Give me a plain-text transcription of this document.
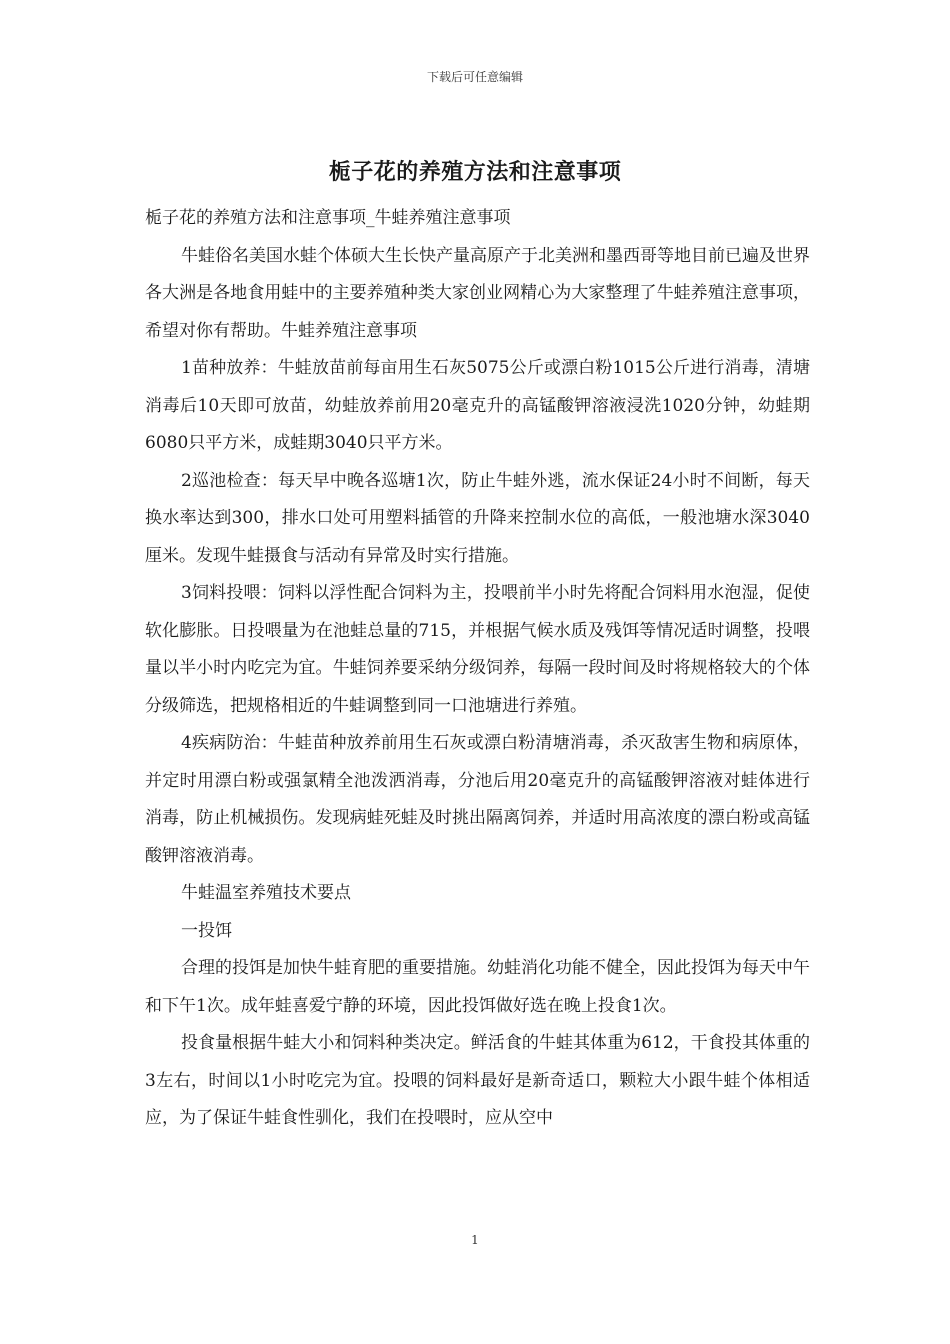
下载后可任意编辑
栀子花的养殖方法和注意事项

栀子花的养殖方法和注意事项_牛蛙养殖注意事项

牛蛙俗名美国水蛙个体硕大生长快产量高原产于北美洲和墨西哥等地目前已遍及世界各大洲是各地食用蛙中的主要养殖种类大家创业网精心为大家整理了牛蛙养殖注意事项，希望对你有帮助。牛蛙养殖注意事项

1苗种放养：牛蛙放苗前每亩用生石灰5075公斤或漂白粉1015公斤进行消毒，清塘消毒后10天即可放苗，幼蛙放养前用20毫克升的高锰酸钾溶液浸洗1020分钟，幼蛙期6080只平方米，成蛙期3040只平方米。

2巡池检查：每天早中晚各巡塘1次，防止牛蛙外逃，流水保证24小时不间断，每天换水率达到300，排水口处可用塑料插管的升降来控制水位的高低，一般池塘水深3040厘米。发现牛蛙摄食与活动有异常及时实行措施。

3饲料投喂：饲料以浮性配合饲料为主，投喂前半小时先将配合饲料用水泡湿，促使软化膨胀。日投喂量为在池蛙总量的715，并根据气候水质及残饵等情况适时调整，投喂量以半小时内吃完为宜。牛蛙饲养要采纳分级饲养，每隔一段时间及时将规格较大的个体分级筛选，把规格相近的牛蛙调整到同一口池塘进行养殖。

4疾病防治：牛蛙苗种放养前用生石灰或漂白粉清塘消毒，杀灭敌害生物和病原体，并定时用漂白粉或强氯精全池泼洒消毒，分池后用20毫克升的高锰酸钾溶液对蛙体进行消毒，防止机械损伤。发现病蛙死蛙及时挑出隔离饲养，并适时用高浓度的漂白粉或高锰酸钾溶液消毒。

牛蛙温室养殖技术要点

一投饵

合理的投饵是加快牛蛙育肥的重要措施。幼蛙消化功能不健全，因此投饵为每天中午和下午1次。成年蛙喜爱宁静的环境，因此投饵做好选在晚上投食1次。

投食量根据牛蛙大小和饲料种类决定。鲜活食的牛蛙其体重为612，干食投其体重的3左右，时间以1小时吃完为宜。投喂的饲料最好是新奇适口，颗粒大小跟牛蛙个体相适应，为了保证牛蛙食性驯化，我们在投喂时，应从空中

1
